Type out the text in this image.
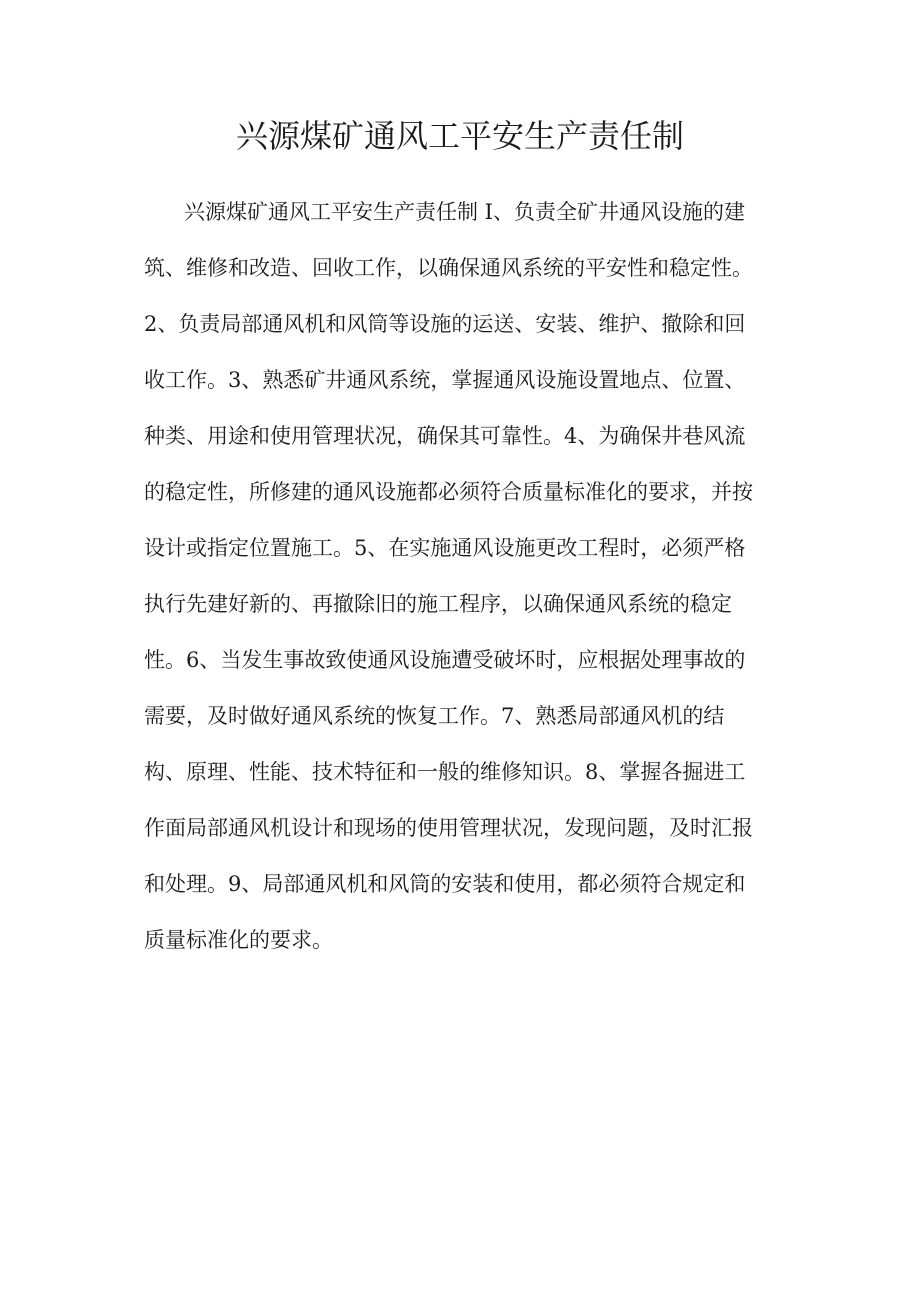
兴源煤矿通风工平安生产责任制
兴源煤矿通风工平安生产责任制 I、负责全矿井通风设施的建
筑、维修和改造、回收工作，以确保通风系统的平安性和稳定性。
2、负责局部通风机和风筒等设施的运送、安装、维护、撤除和回
收工作。3、熟悉矿井通风系统，掌握通风设施设置地点、位置、
种类、用途和使用管理状况，确保其可靠性。4、为确保井巷风流
的稳定性，所修建的通风设施都必须符合质量标准化的要求，并按
设计或指定位置施工。5、在实施通风设施更改工程时，必须严格
执行先建好新的、再撤除旧的施工程序，以确保通风系统的稳定
性。6、当发生事故致使通风设施遭受破坏时，应根据处理事故的
需要，及时做好通风系统的恢复工作。7、熟悉局部通风机的结
构、原理、性能、技术特征和一般的维修知识。8、掌握各掘进工
作面局部通风机设计和现场的使用管理状况，发现问题，及时汇报
和处理。9、局部通风机和风筒的安装和使用，都必须符合规定和
质量标准化的要求。
